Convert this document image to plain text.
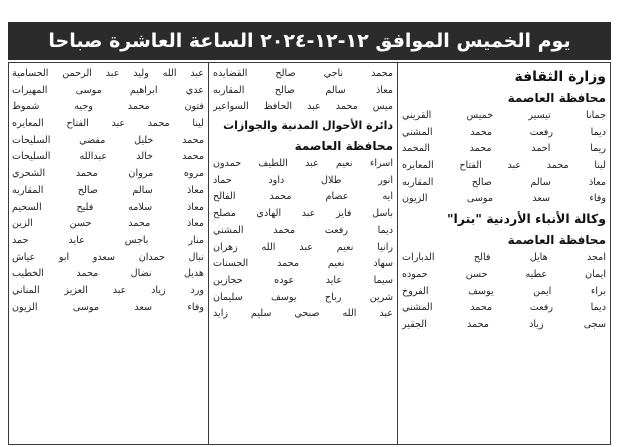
يوم الخميس الموافق ١٢-١٢-٢٠٢٤ الساعة العاشرة صباحا
وزارة الثقافة
محافظة العاصمة
جمانا تيسير خميس القريني
ديما رفعت محمد المشني
ريما احمد محمد المحمد
لينا محمد عبد الفتاح المعايره
معاذ سالم صالح المقاربه
وفاء سعد موسى الزيون
وكالة الأنباء الأردنية "بترا"
محافظة العاصمة
امجد هايل فالح الدبارات
ايمان عطيه حسن حموده
براء ايمن يوسف الفروخ
ديما رفعت محمد المشني
سجى زياد محمد الجقير
محمد ناجي صالح القضايده
معاذ سالم صالح المقاربه
ميس محمد عبد الحافظ السواعير
دائرة الأحوال المدنية والجوازات
محافظة العاصمة
اسراء نعيم عبد اللطيف حمدون
انور طلال داود حماد
ايه عصام محمد الفالح
باسل فايز عبد الهادي مصلح
ديما رفعت محمد المشني
رانيا نعيم عبد الله زهران
سهاد نعيم محمد الحسنات
سيما عايد عوده حجازين
شرين رباح يوسف سليمان
عبد الله صبحي سليم زايد
عبد الله وليد عبد الرحمن الحسامية
عدي ابراهيم موسى المهيرات
فتون محمد وجيه شموط
لينا محمد عبد الفتاح المعايره
محمد خليل مفضي السليحات
محمد خالد عبدالله السليحات
مروه مروان محمد الشحري
معاذ سالم صالح المقاربه
معاذ سلامه فليح السحيم
معاذ محمد حسن الزين
منار باجس عايد حمد
نبال حمدان سعدو ابو عياش
هديل نضال محمد الخطيب
ورد زياد عبد العزيز المناني
وفاء سعد موسى الزيون
